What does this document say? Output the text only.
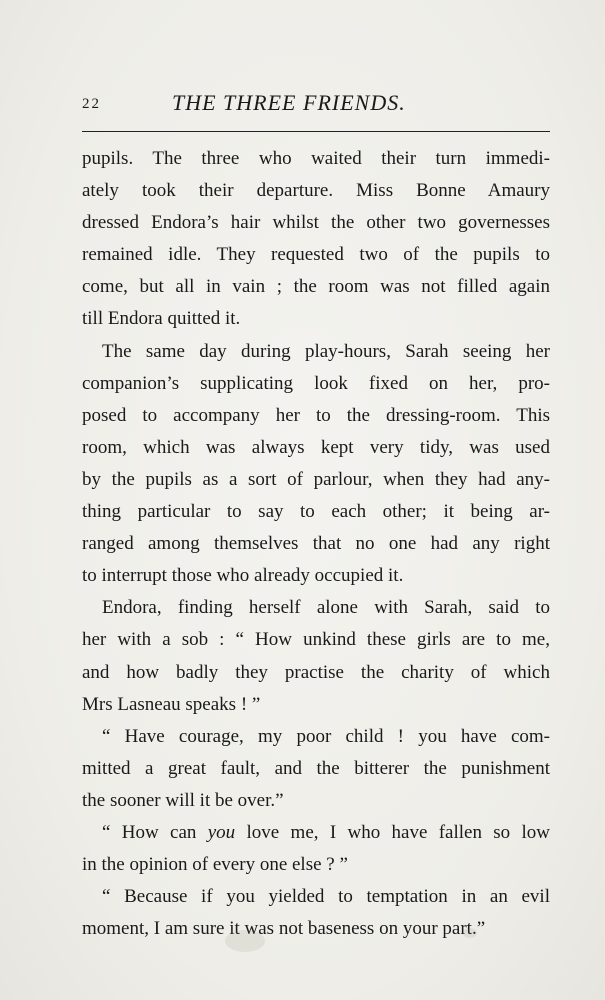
22	THE THREE FRIENDS.
pupils. The three who waited their turn immedi-
ately took their departure. Miss Bonne Amaury
dressed Endora’s hair whilst the other two governesses
remained idle. They requested two of the pupils to
come, but all in vain ; the room was not filled again
till Endora quitted it.
The same day during play-hours, Sarah seeing her
companion’s supplicating look fixed on her, pro-
posed to accompany her to the dressing-room. This
room, which was always kept very tidy, was used
by the pupils as a sort of parlour, when they had any-
thing particular to say to each other; it being ar-
ranged among themselves that no one had any right
to interrupt those who already occupied it.
Endora, finding herself alone with Sarah, said to
her with a sob : “ How unkind these girls are to me,
and how badly they practise the charity of which
Mrs Lasneau speaks ! ”
“ Have courage, my poor child ! you have com-
mitted a great fault, and the bitterer the punishment
the sooner will it be over.”
“ How can you love me, I who have fallen so low
in the opinion of every one else ? ”
“ Because if you yielded to temptation in an evil
moment, I am sure it was not baseness on your part.”
